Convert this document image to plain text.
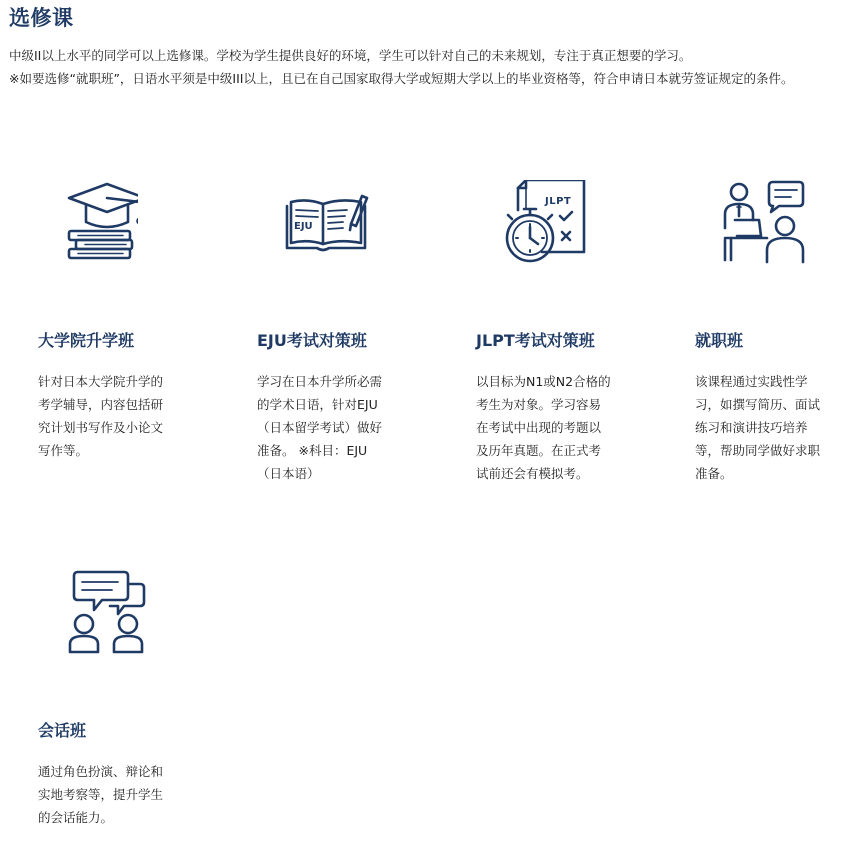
选修课

中级II以上水平的同学可以上选修课。学校为学生提供良好的环境，学生可以针对自己的未来规划，专注于真正想要的学习。

※如要选修“就职班”，日语水平须是中级III以上，且已在自己国家取得大学或短期大学以上的毕业资格等，符合申请日本就劳签证规定的条件。

大学院升学班
针对日本大学院升学的
考学辅导，内容包括研
究计划书写作及小论文
写作等。
EJU
EJU考试对策班
学习在日本升学所必需
的学术日语，针对EJU
（日本留学考试）做好
准备。 ※科目：EJU
（日本语）
JLPT
JLPT考试对策班
以目标为N1或N2合格的
考生为对象。学习容易
在考试中出现的考题以
及历年真题。在正式考
试前还会有模拟考。
就职班
该课程通过实践性学
习，如撰写简历、面试
练习和演讲技巧培养
等，帮助同学做好求职
准备。
会话班
通过角色扮演、辩论和
实地考察等，提升学生
的会话能力。
